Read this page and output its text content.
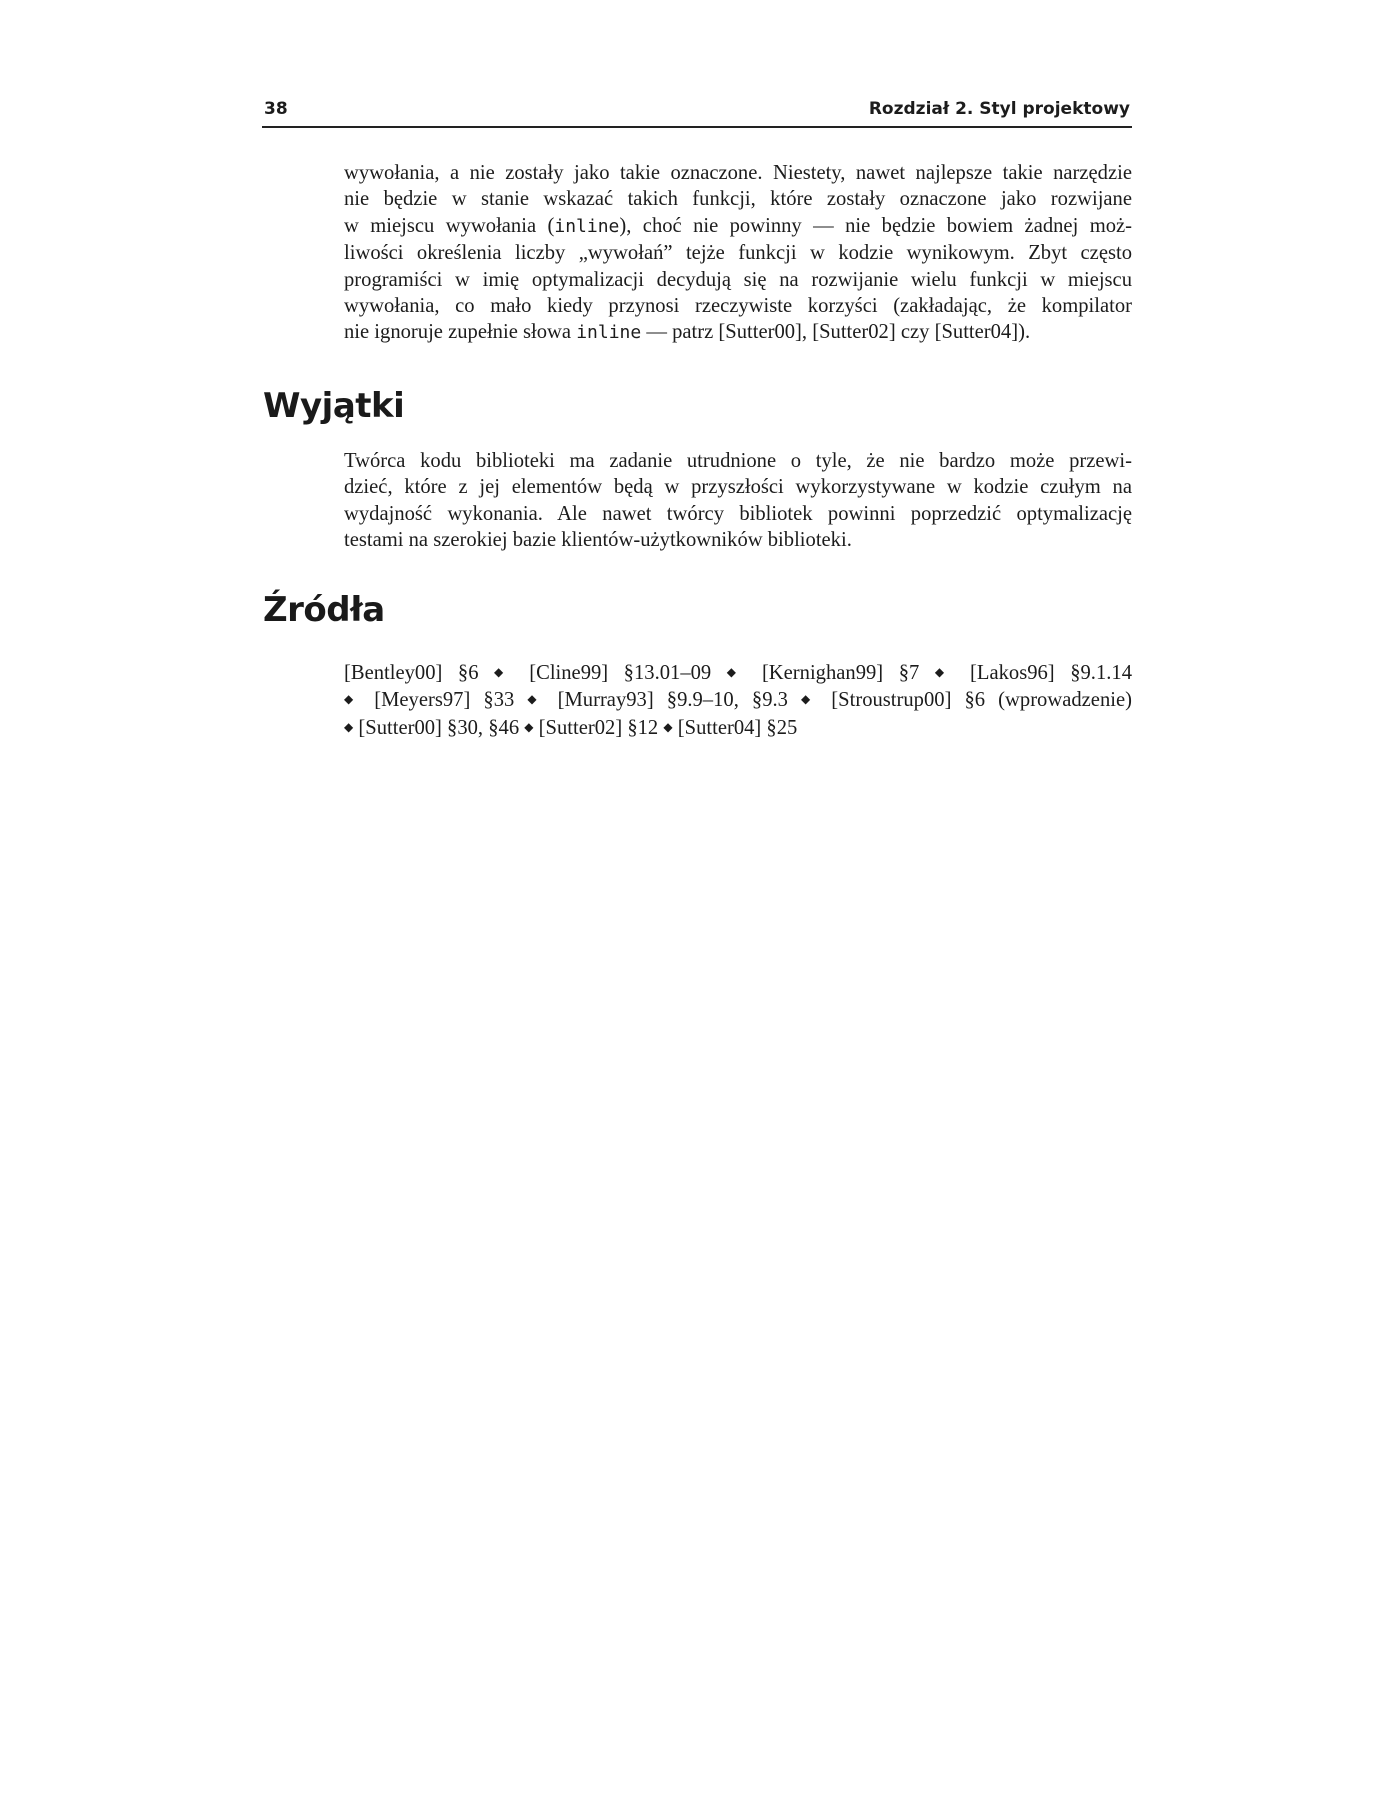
38	Rozdział 2. Styl projektowy

wywołania, a nie zostały jako takie oznaczone. Niestety, nawet najlepsze takie narzędzie
nie będzie w stanie wskazać takich funkcji, które zostały oznaczone jako rozwijane
w miejscu wywołania (inline), choć nie powinny — nie będzie bowiem żadnej moż-
liwości określenia liczby „wywołań” tejże funkcji w kodzie wynikowym. Zbyt często
programiści w imię optymalizacji decydują się na rozwijanie wielu funkcji w miejscu
wywołania, co mało kiedy przynosi rzeczywiste korzyści (zakładając, że kompilator
nie ignoruje zupełnie słowa inline — patrz [Sutter00], [Sutter02] czy [Sutter04]).

Wyjątki

Twórca kodu biblioteki ma zadanie utrudnione o tyle, że nie bardzo może przewi-
dzieć, które z jej elementów będą w przyszłości wykorzystywane w kodzie czułym na
wydajność wykonania. Ale nawet twórcy bibliotek powinni poprzedzić optymalizację
testami na szerokiej bazie klientów-użytkowników biblioteki.

Źródła

[Bentley00] §6 ◆ [Cline99] §13.01–09 ◆ [Kernighan99] §7 ◆ [Lakos96] §9.1.14
◆ [Meyers97] §33 ◆ [Murray93] §9.9–10, §9.3 ◆ [Stroustrup00] §6 (wprowadzenie)
◆ [Sutter00] §30, §46 ◆ [Sutter02] §12 ◆ [Sutter04] §25
